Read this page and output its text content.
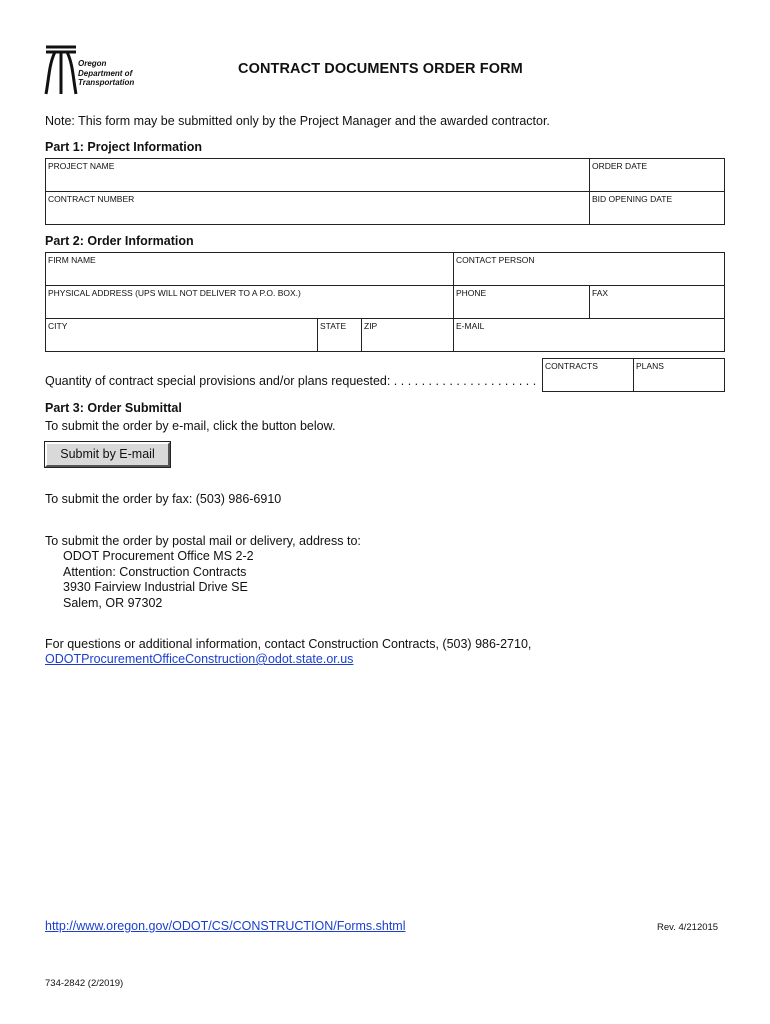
Oregon
Department of
Transportation
CONTRACT DOCUMENTS ORDER FORM
Note: This form may be submitted only by the Project Manager and the awarded contractor.
Part 1: Project Information
PROJECT NAME	ORDER DATE
CONTRACT NUMBER	BID OPENING DATE
Part 2: Order Information
FIRM NAME	CONTACT PERSON
PHYSICAL ADDRESS (UPS WILL NOT DELIVER TO A P.O. BOX.)	PHONE	FAX
CITY	STATE	ZIP	E-MAIL
Quantity of contract special provisions and/or plans requested: . . . . . . . . . . . . . . . . . . . . .
CONTRACTS	PLANS
Part 3: Order Submittal
To submit the order by e-mail, click the button below.
Submit by E-mail
To submit the order by fax: (503) 986-6910
To submit the order by postal mail or delivery, address to:
ODOT Procurement Office MS 2-2
Attention: Construction Contracts
3930 Fairview Industrial Drive SE
Salem, OR 97302
For questions or additional information, contact Construction Contracts, (503) 986-2710,
ODOTProcurementOfficeConstruction@odot.state.or.us
http://www.oregon.gov/ODOT/CS/CONSTRUCTION/Forms.shtml	Rev. 4/212015
734-2842 (2/2019)
